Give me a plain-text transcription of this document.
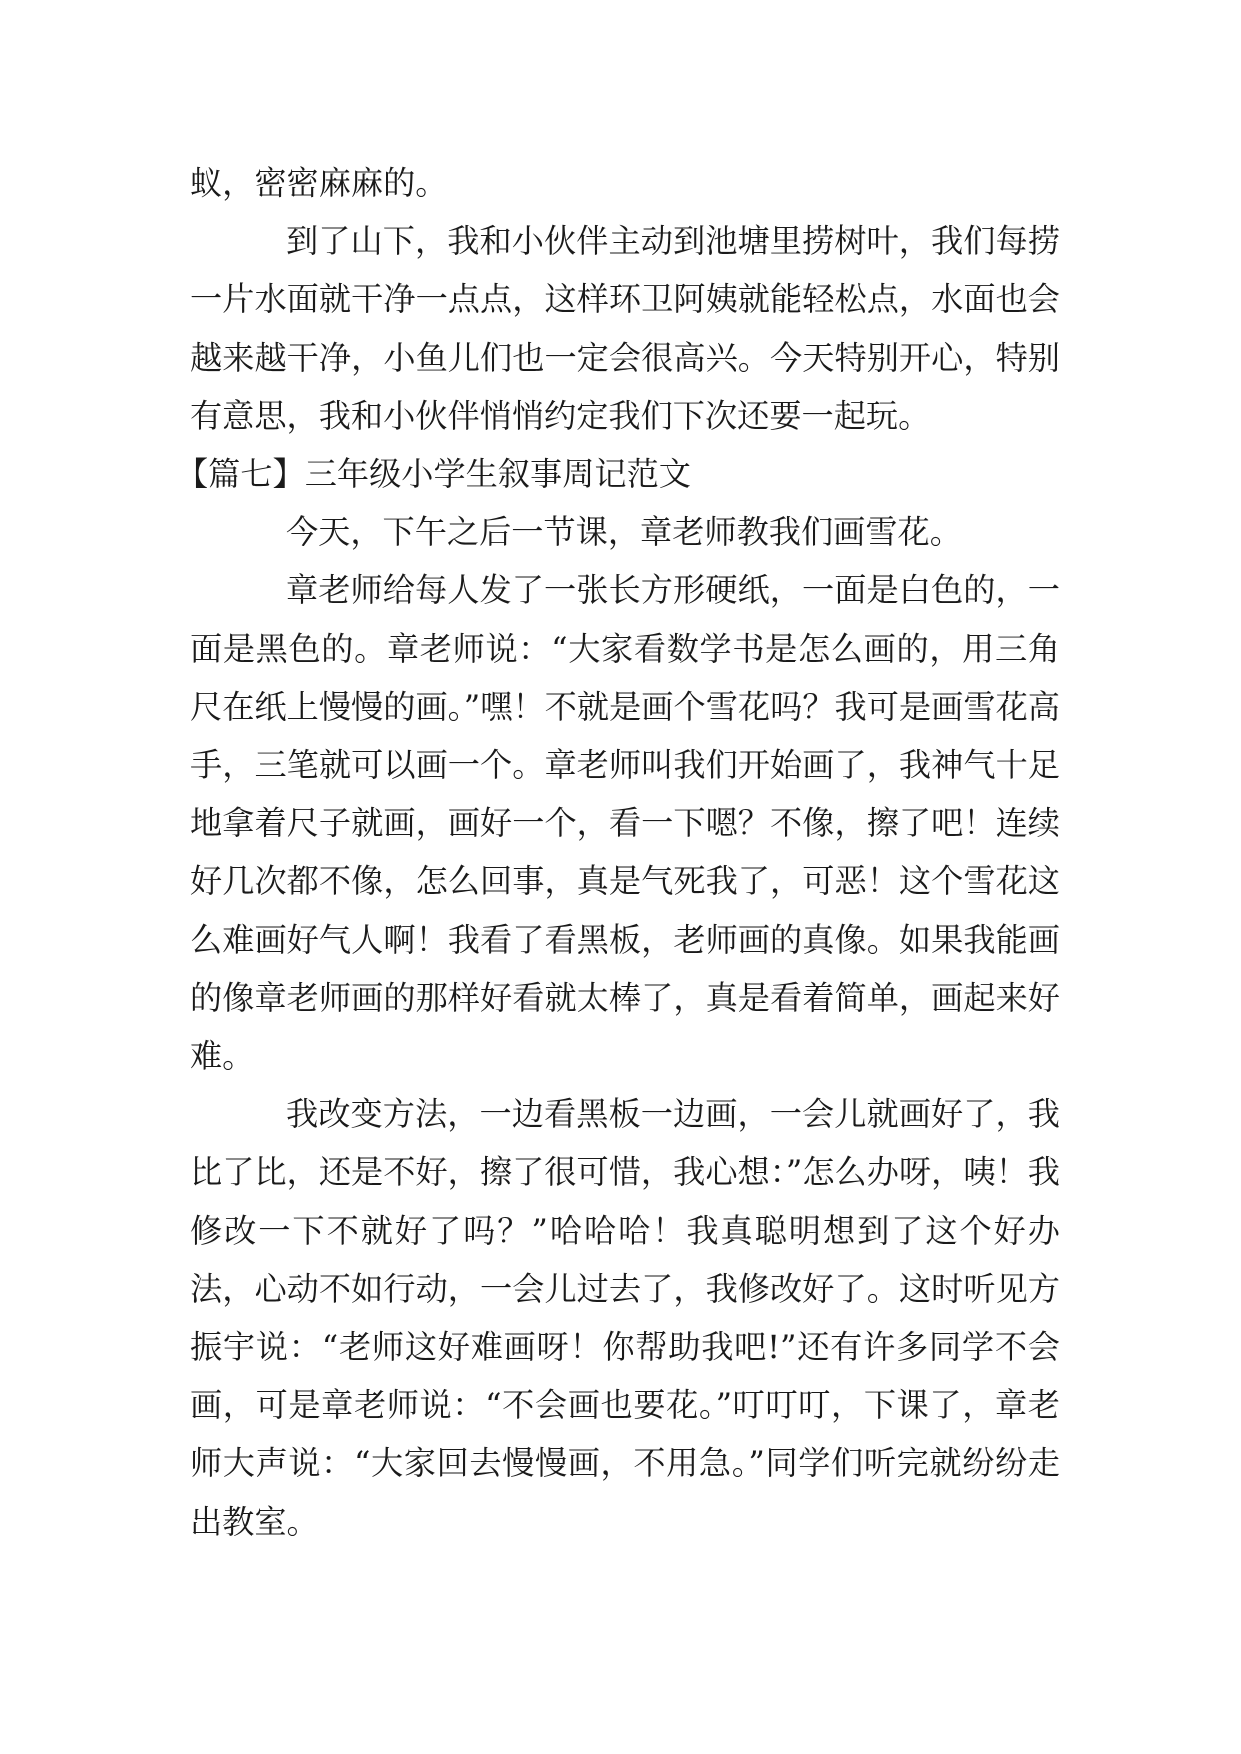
蚁，密密麻麻的。

到了山下，我和小伙伴主动到池塘里捞树叶，我们每捞一片水面就干净一点点，这样环卫阿姨就能轻松点，水面也会越来越干净，小鱼儿们也一定会很高兴。今天特别开心，特别有意思，我和小伙伴悄悄约定我们下次还要一起玩。

【篇七】三年级小学生叙事周记范文

今天，下午之后一节课，章老师教我们画雪花。

章老师给每人发了一张长方形硬纸，一面是白色的，一面是黑色的。章老师说：“大家看数学书是怎么画的，用三角尺在纸上慢慢的画。”嘿！不就是画个雪花吗？我可是画雪花高手，三笔就可以画一个。章老师叫我们开始画了，我神气十足地拿着尺子就画，画好一个，看一下嗯？不像，擦了吧！连续好几次都不像，怎么回事，真是气死我了，可恶！这个雪花这么难画好气人啊！我看了看黑板，老师画的真像。如果我能画的像章老师画的那样好看就太棒了，真是看着简单，画起来好难。

我改变方法，一边看黑板一边画，一会儿就画好了，我比了比，还是不好，擦了很可惜，我心想：”怎么办呀，咦！我修改一下不就好了吗？”哈哈哈！我真聪明想到了这个好办法，心动不如行动，一会儿过去了，我修改好了。这时听见方振宇说：“老师这好难画呀！你帮助我吧!”还有许多同学不会画，可是章老师说：“不会画也要花。”叮叮叮，下课了，章老师大声说：“大家回去慢慢画，不用急。”同学们听完就纷纷走出教室。
